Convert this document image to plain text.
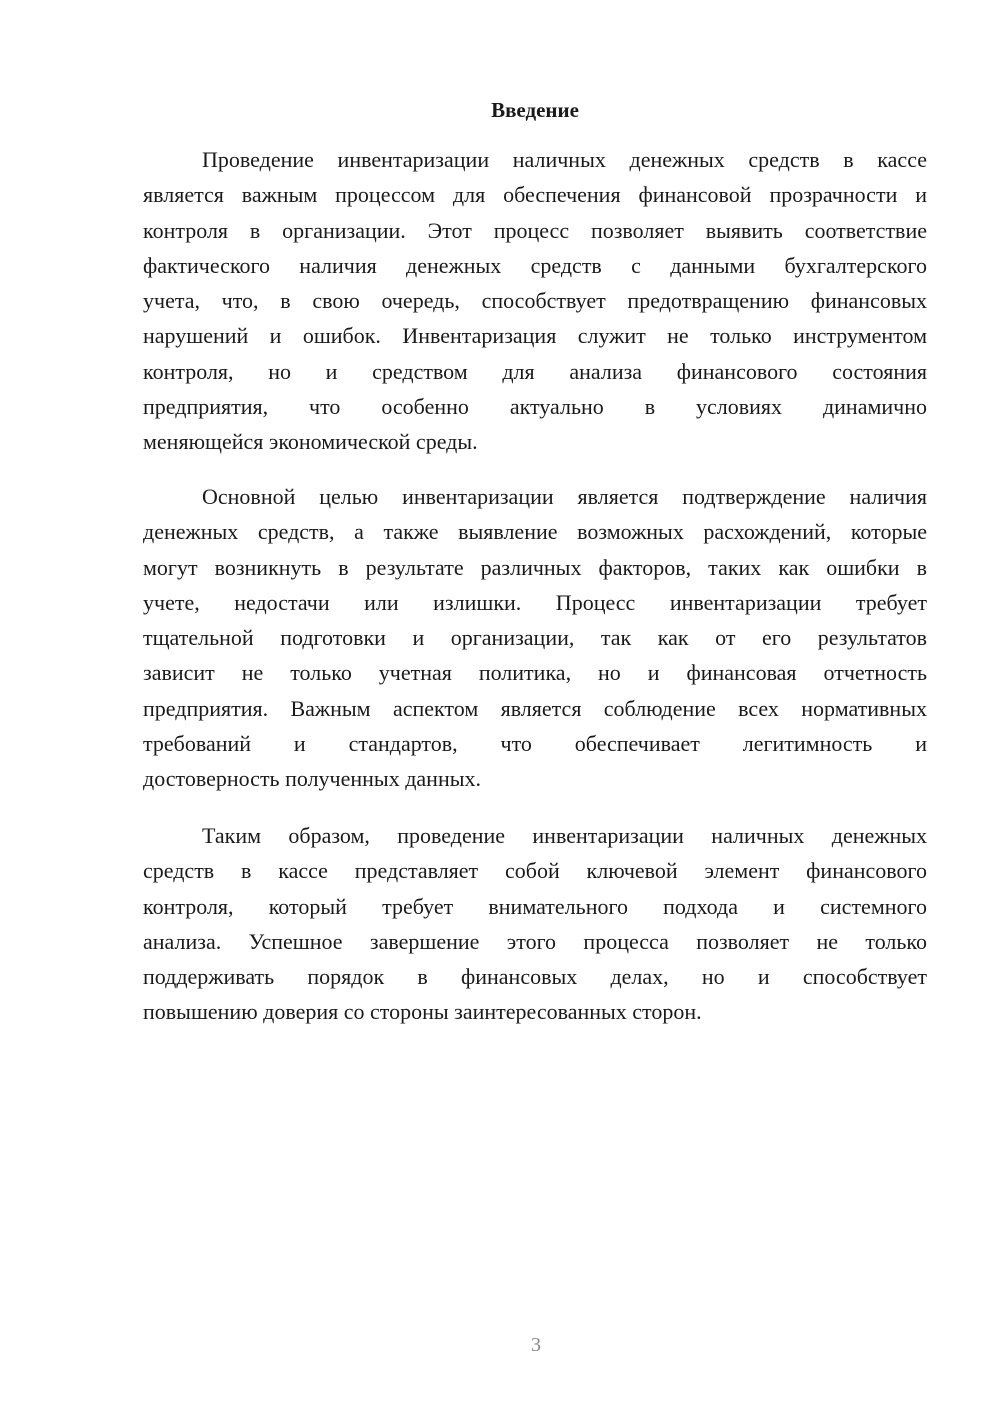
Введение
Проведение инвентаризации наличных денежных средств в кассе
является важным процессом для обеспечения финансовой прозрачности и
контроля в организации. Этот процесс позволяет выявить соответствие
фактического наличия денежных средств с данными бухгалтерского
учета, что, в свою очередь, способствует предотвращению финансовых
нарушений и ошибок. Инвентаризация служит не только инструментом
контроля, но и средством для анализа финансового состояния
предприятия, что особенно актуально в условиях динамично
меняющейся экономической среды.
Основной целью инвентаризации является подтверждение наличия
денежных средств, а также выявление возможных расхождений, которые
могут возникнуть в результате различных факторов, таких как ошибки в
учете, недостачи или излишки. Процесс инвентаризации требует
тщательной подготовки и организации, так как от его результатов
зависит не только учетная политика, но и финансовая отчетность
предприятия. Важным аспектом является соблюдение всех нормативных
требований и стандартов, что обеспечивает легитимность и
достоверность полученных данных.
Таким образом, проведение инвентаризации наличных денежных
средств в кассе представляет собой ключевой элемент финансового
контроля, который требует внимательного подхода и системного
анализа. Успешное завершение этого процесса позволяет не только
поддерживать порядок в финансовых делах, но и способствует
повышению доверия со стороны заинтересованных сторон.
3
